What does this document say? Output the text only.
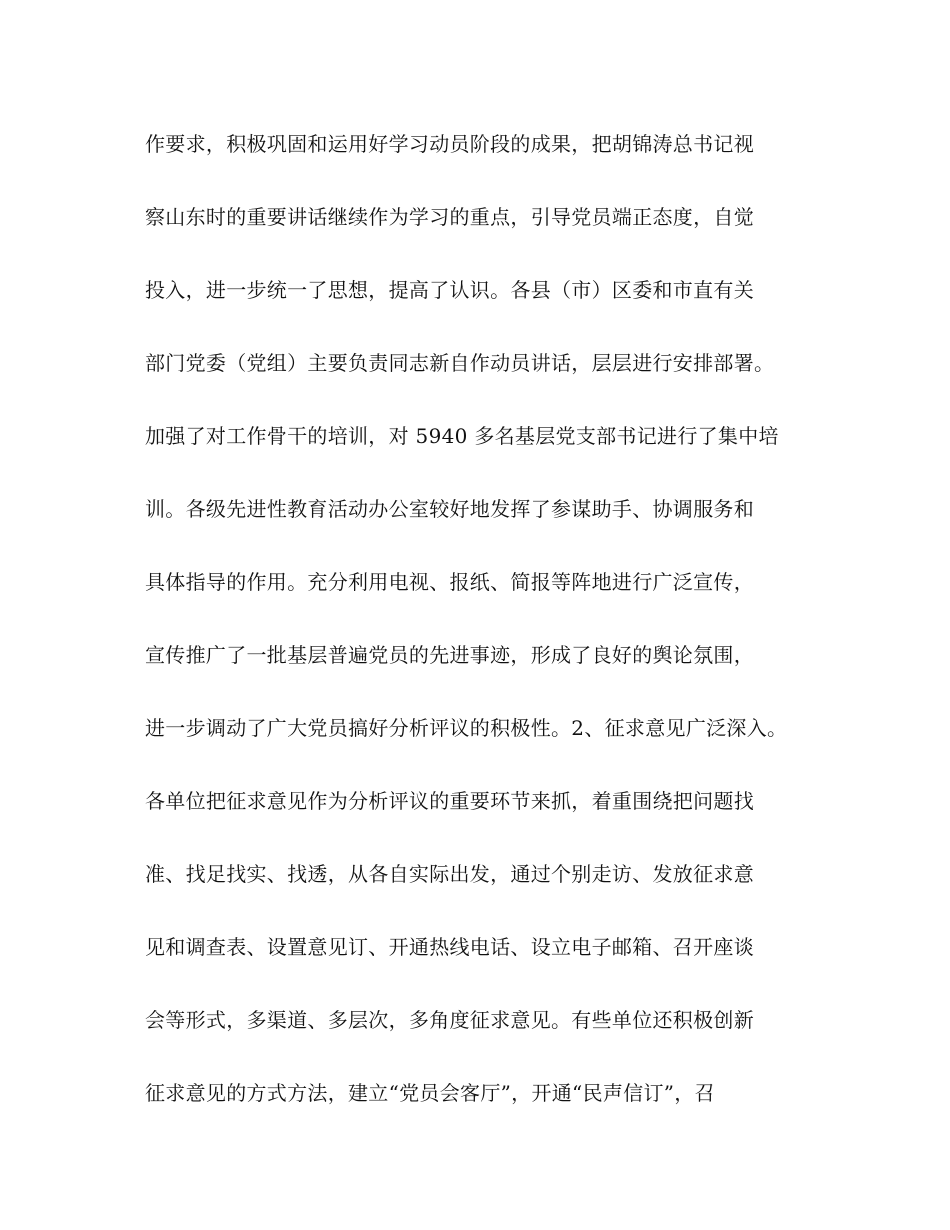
作要求，积极巩固和运用好学习动员阶段的成果，把胡锦涛总书记视
察山东时的重要讲话继续作为学习的重点，引导党员端正态度，自觉
投入，进一步统一了思想，提高了认识。各县（市）区委和市直有关
部门党委（党组）主要负责同志新自作动员讲话，层层进行安排部署。
加强了对工作骨干的培训，对 5940 多名基层党支部书记进行了集中培
训。各级先进性教育活动办公室较好地发挥了参谋助手、协调服务和
具体指导的作用。充分利用电视、报纸、简报等阵地进行广泛宣传，
宣传推广了一批基层普遍党员的先进事迹，形成了良好的舆论氛围，
进一步调动了广大党员搞好分析评议的积极性。2、征求意见广泛深入。
各单位把征求意见作为分析评议的重要环节来抓，着重围绕把问题找
准、找足找实、找透，从各自实际出发，通过个别走访、发放征求意
见和调查表、设置意见订、开通热线电话、设立电子邮箱、召开座谈
会等形式，多渠道、多层次，多角度征求意见。有些单位还积极创新
征求意见的方式方法，建立“党员会客厅”，开通“民声信订”，召
